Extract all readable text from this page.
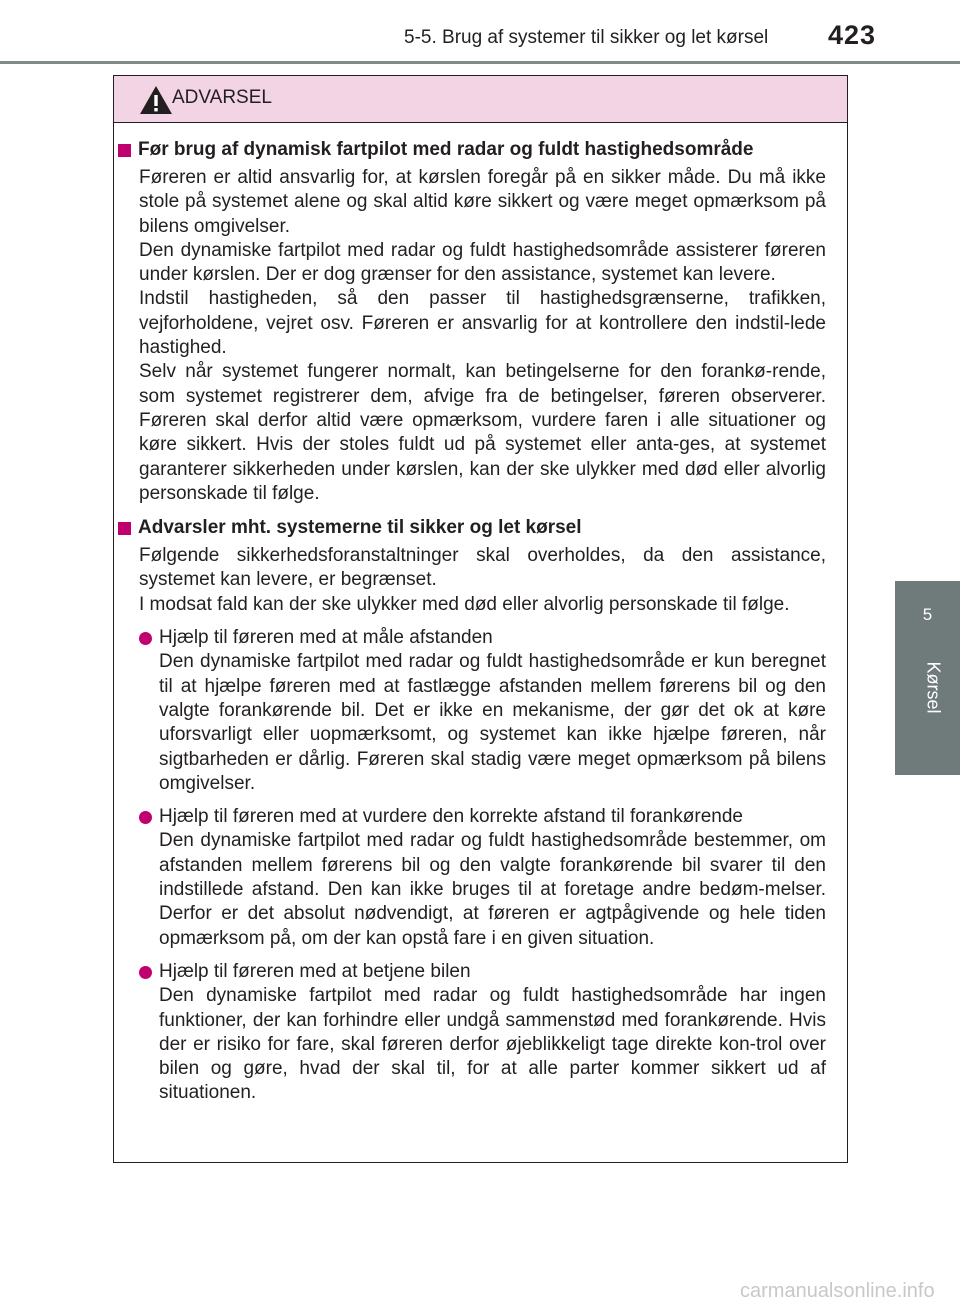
5-5. Brug af systemer til sikker og let kørsel 423
5
Kørsel
ADVARSEL
Før brug af dynamisk fartpilot med radar og fuldt hastighedsområde

Føreren er altid ansvarlig for, at kørslen foregår på en sikker måde. Du må ikke stole på systemet alene og skal altid køre sikkert og være meget opmærksom på bilens omgivelser.

Den dynamiske fartpilot med radar og fuldt hastighedsområde assisterer føreren under kørslen. Der er dog grænser for den assistance, systemet kan levere.

Indstil hastigheden, så den passer til hastighedsgrænserne, trafikken, vejforholdene, vejret osv. Føreren er ansvarlig for at kontrollere den indstil-lede hastighed.

Selv når systemet fungerer normalt, kan betingelserne for den forankø-rende, som systemet registrerer dem, afvige fra de betingelser, føreren observerer. Føreren skal derfor altid være opmærksom, vurdere faren i alle situationer og køre sikkert. Hvis der stoles fuldt ud på systemet eller anta-ges, at systemet garanterer sikkerheden under kørslen, kan der ske ulykker med død eller alvorlig personskade til følge.

Advarsler mht. systemerne til sikker og let kørsel

Følgende sikkerhedsforanstaltninger skal overholdes, da den assistance, systemet kan levere, er begrænset.

I modsat fald kan der ske ulykker med død eller alvorlig personskade til følge.

Hjælp til føreren med at måle afstanden

Den dynamiske fartpilot med radar og fuldt hastighedsområde er kun beregnet til at hjælpe føreren med at fastlægge afstanden mellem førerens bil og den valgte forankørende bil. Det er ikke en mekanisme, der gør det ok at køre uforsvarligt eller uopmærksomt, og systemet kan ikke hjælpe føreren, når sigtbarheden er dårlig. Føreren skal stadig være meget opmærksom på bilens omgivelser.

Hjælp til føreren med at vurdere den korrekte afstand til forankørende

Den dynamiske fartpilot med radar og fuldt hastighedsområde bestemmer, om afstanden mellem førerens bil og den valgte forankørende bil svarer til den indstillede afstand. Den kan ikke bruges til at foretage andre bedøm-melser. Derfor er det absolut nødvendigt, at føreren er agtpågivende og hele tiden opmærksom på, om der kan opstå fare i en given situation.

Hjælp til føreren med at betjene bilen

Den dynamiske fartpilot med radar og fuldt hastighedsområde har ingen funktioner, der kan forhindre eller undgå sammenstød med forankørende. Hvis der er risiko for fare, skal føreren derfor øjeblikkeligt tage direkte kon-trol over bilen og gøre, hvad der skal til, for at alle parter kommer sikkert ud af situationen.

carmanualsonline.info
